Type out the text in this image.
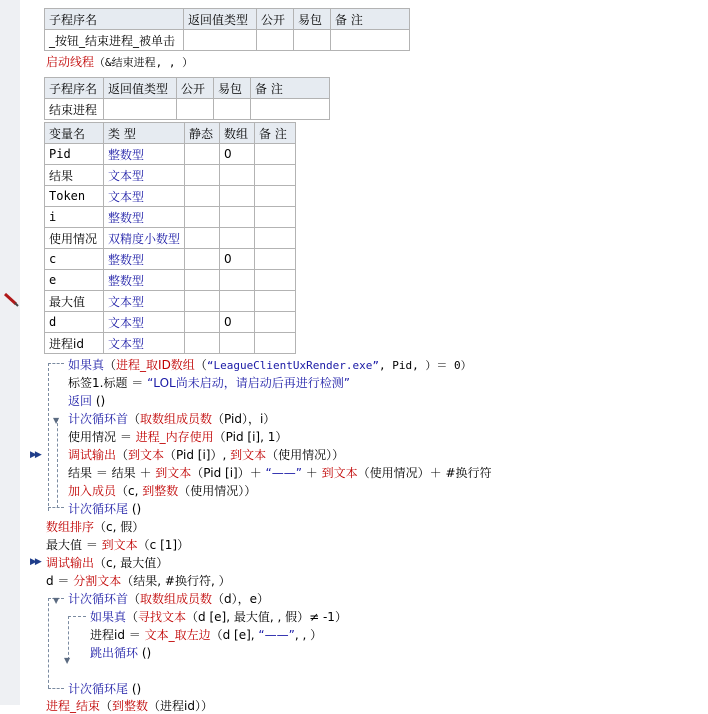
▶▶
▶▶
子程序名	返回值类型	公开	易包	备 注
_按钮_结束进程_被单击				
启动线程（&结束进程, , ）
子程序名	返回值类型	公开	易包	备 注
结束进程				
变量名	类 型	静态	数组	备 注
Pid	整数型		0	
结果	文本型			
Token	文本型			
i	整数型			
使用情况	双精度小数型			
c	整数型		0	
e	整数型			
最大值	文本型			
d	文本型		0	
进程id	文本型			
▼
▼
▼
如果真（进程_取ID数组（“LeagueClientUxRender.exe”, Pid, ）＝ 0）
标签1.标题 ＝ “LOL尚未启动，请启动后再进行检测”
返回 ()
计次循环首（取数组成员数（Pid），i）
使用情况 ＝ 进程_内存使用（Pid [i], 1）
调试输出（到文本（Pid [i]）, 到文本（使用情况））
结果 ＝ 结果 ＋ 到文本（Pid [i]）＋ “——” ＋ 到文本（使用情况）＋ #换行符
加入成员（c, 到整数（使用情况））
计次循环尾 ()
数组排序（c, 假）
最大值 ＝ 到文本（c [1]）
调试输出（c, 最大值）
d ＝ 分割文本（结果, #换行符, ）
计次循环首（取数组成员数（d），e）
如果真（寻找文本（d [e], 最大值, , 假）≠ -1）
进程id ＝ 文本_取左边（d [e], “——”, , ）
跳出循环 ()
计次循环尾 ()
进程_结束（到整数（进程id））
